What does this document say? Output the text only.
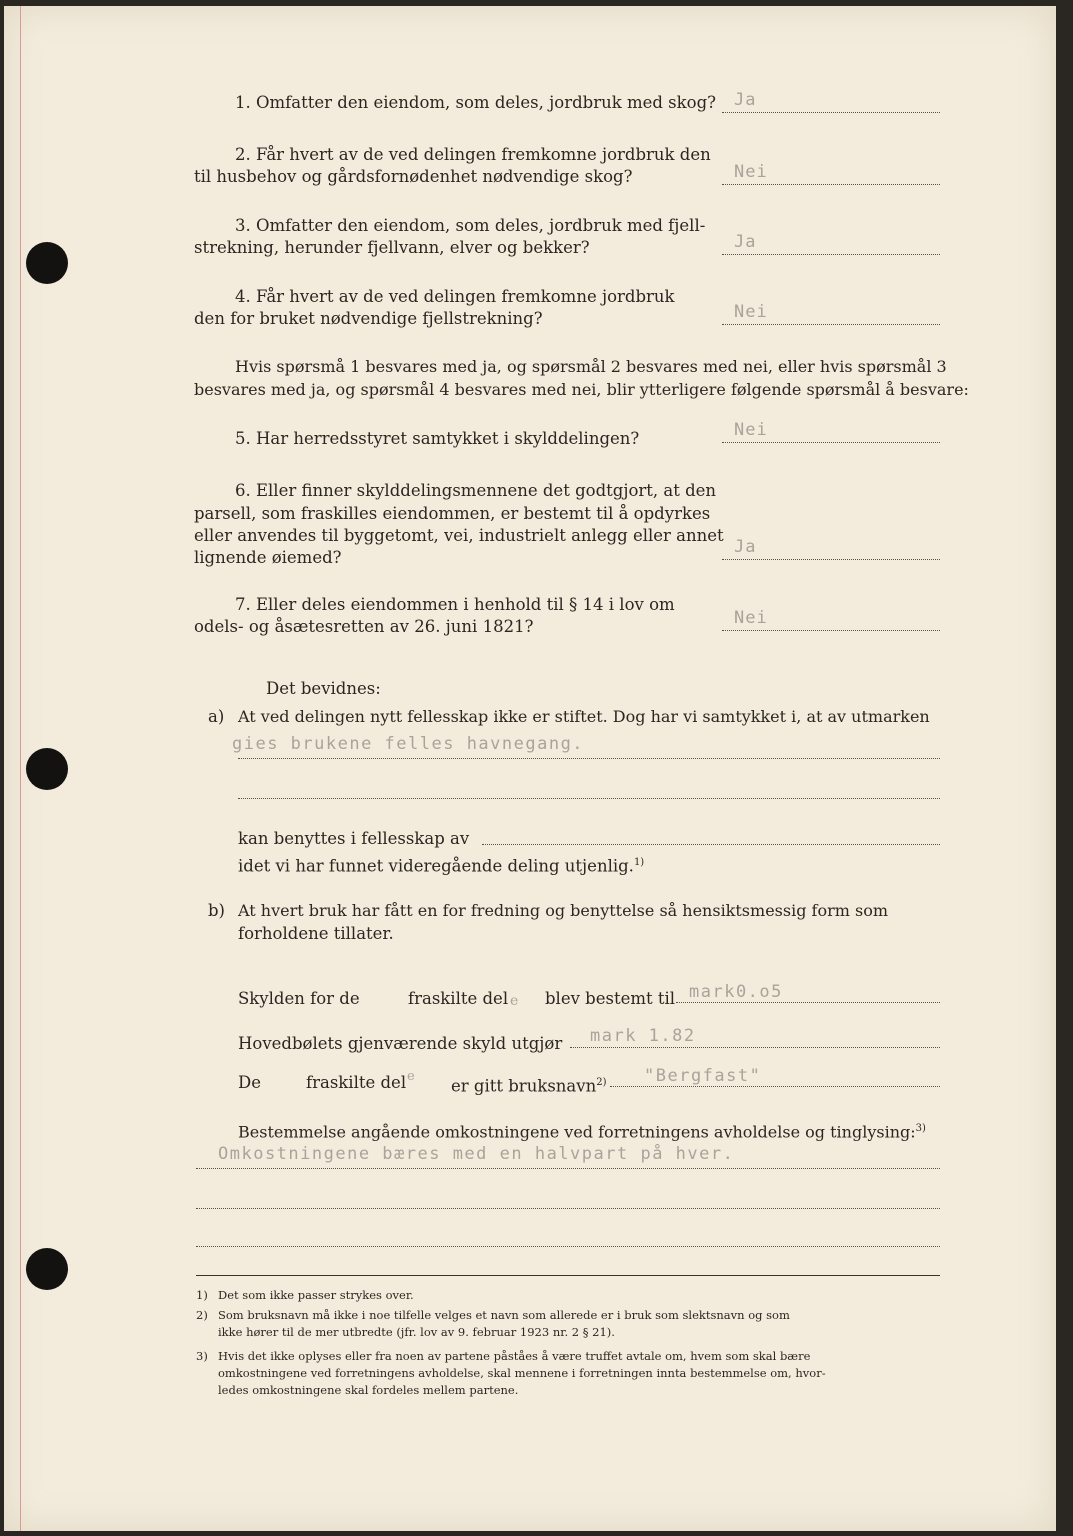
1. Omfatter den eiendom, som deles, jordbruk med skog? Ja
2. Får hvert av de ved delingen fremkomne jordbruk den
til husbehov og gårdsfornødenhet nødvendige skog?	Nei
3. Omfatter den eiendom, som deles, jordbruk med fjell-
strekning, herunder fjellvann, elver og bekker?	Ja
4. Får hvert av de ved delingen fremkomne jordbruk
den for bruket nødvendige fjellstrekning?	Nei
Hvis spørsmå 1 besvares med ja, og spørsmål 2 besvares med nei, eller hvis spørsmål 3
besvares med ja, og spørsmål 4 besvares med nei, blir ytterligere følgende spørsmål å besvare:
5. Har herredsstyret samtykket i skylddelingen?	Nei
6. Eller finner skylddelingsmennene det godtgjort, at den
parsell, som fraskilles eiendommen, er bestemt til å opdyrkes
eller anvendes til byggetomt, vei, industrielt anlegg eller annet
lignende øiemed?
Ja
7. Eller deles eiendommen i henhold til § 14 i lov om
odels- og åsætesretten av 26. juni 1821?	Nei
Det bevidnes:
a) At ved delingen nytt fellesskap ikke er stiftet. Dog har vi samtykket i, at av utmarken
gies brukene felles havnegang.
kan benyttes i fellesskap av
idet vi har funnet videregående deling utjenlig.$^{1)}$
b) At hvert bruk har fått en for fredning og benyttelse så hensiktsmessig form som
forholdene tillater.
Skylden for de	fraskilte del e blev bestemt til mark0.o5
Hovedbølets gjenværende skyld utgjør mark 1.82
De	fraskilte del e er gitt bruksnavn$^{2)}$ "Bergfast"
Bestemmelse angående omkostningene ved forretningens avholdelse og tinglysing:$^{3)}$
Omkostningene bæres med en halvpart på hver.
1) Det som ikke passer strykes over.
2) Som bruksnavn må ikke i noe tilfelle velges et navn som allerede er i bruk som slektsnavn og som
ikke hører til de mer utbredte (jfr. lov av 9. februar 1923 nr. 2 § 21).
3) Hvis det ikke oplyses eller fra noen av partene påståes å være truffet avtale om, hvem som skal bære
omkostningene ved forretningens avholdelse, skal mennene i forretningen innta bestemmelse om, hvor-
ledes omkostningene skal fordeles mellem partene.
